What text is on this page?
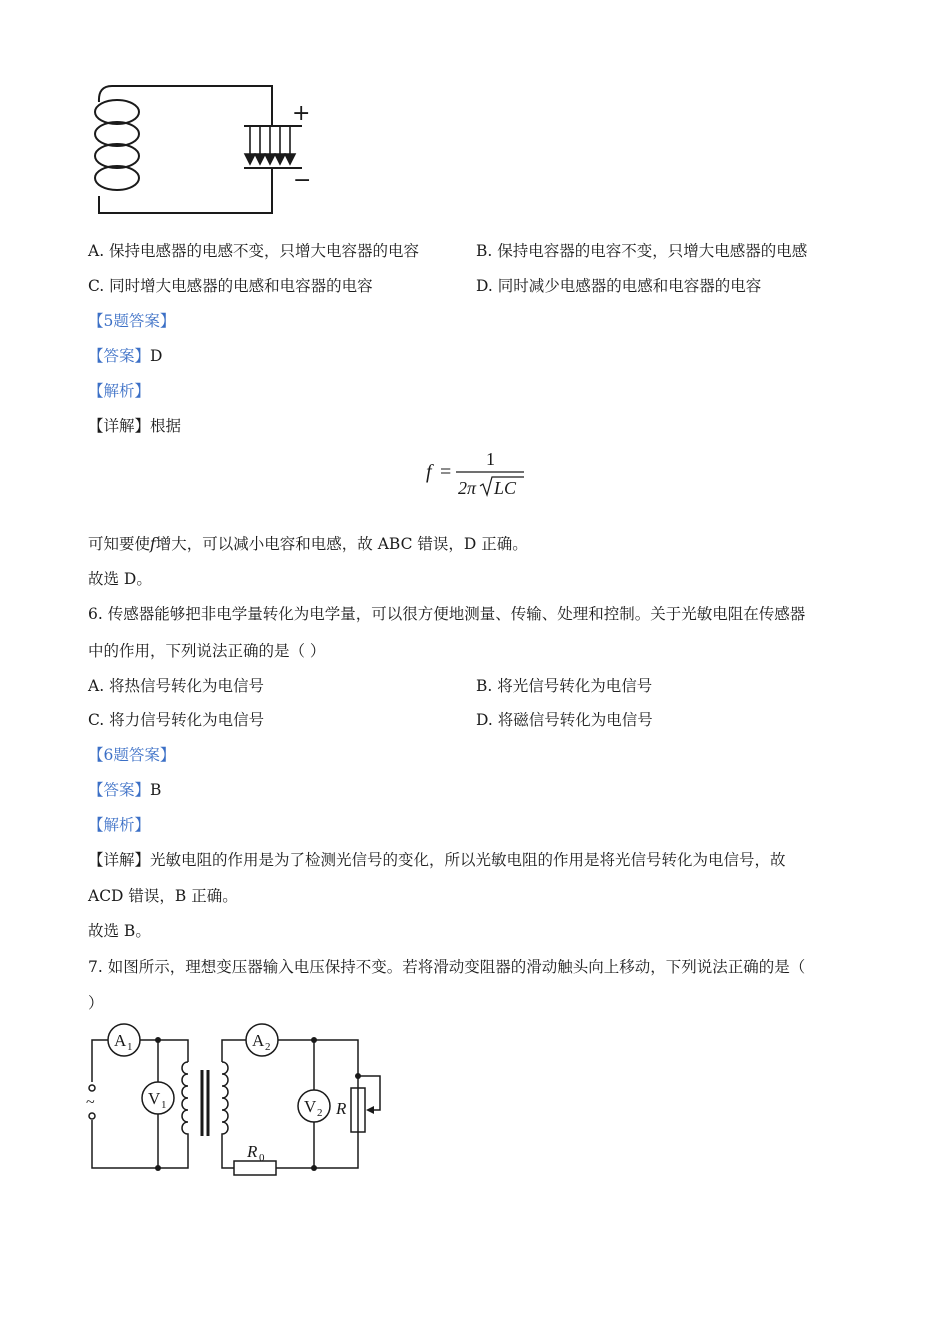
+
−
A. 保持电感器的电感不变，只增大电容器的电容	B. 保持电容器的电容不变，只增大电感器的电感
C. 同时增大电感器的电感和电容器的电容	D. 同时减少电感器的电感和电容器的电容
【5题答案】
【答案】D
【解析】
【详解】根据
f =
1
2π LC
可知要使f增大，可以减小电容和电感，故 ABC 错误，D 正确。
故选 D。
6. 传感器能够把非电学量转化为电学量，可以很方便地测量、传输、处理和控制。关于光敏电阻在传感器
中的作用，下列说法正确的是（ ）
A. 将热信号转化为电信号	B. 将光信号转化为电信号
C. 将力信号转化为电信号	D. 将磁信号转化为电信号
【6题答案】
【答案】B
【解析】
【详解】光敏电阻的作用是为了检测光信号的变化，所以光敏电阻的作用是将光信号转化为电信号，故
ACD 错误，B 正确。
故选 B。
7. 如图所示，理想变压器输入电压保持不变。若将滑动变阻器的滑动触头向上移动，下列说法正确的是（
）
A 1	A 2
V 1	V 2 R
R 0
~
